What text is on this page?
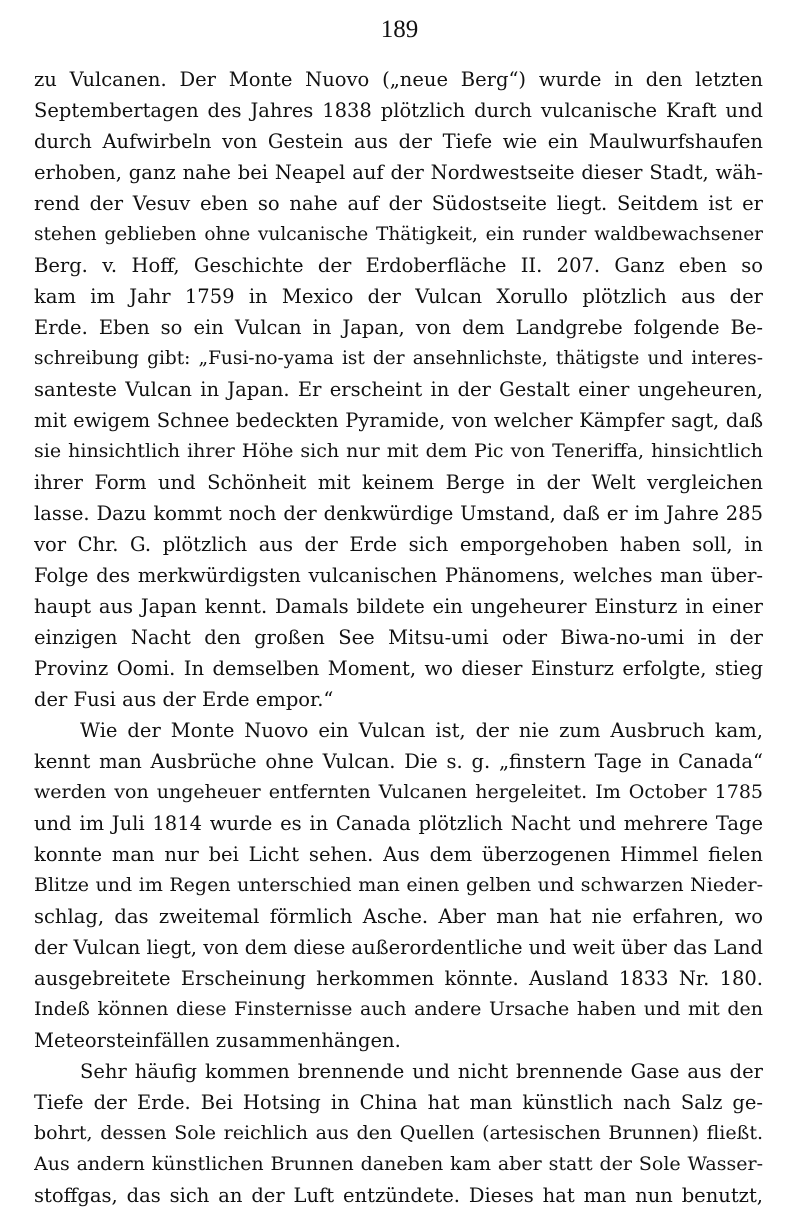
189
zu Vulcanen. Der Monte Nuovo („neue Berg“) wurde in den letzten
Septembertagen des Jahres 1838 plötzlich durch vulcanische Kraft und
durch Aufwirbeln von Gestein aus der Tiefe wie ein Maulwurfshaufen
erhoben, ganz nahe bei Neapel auf der Nordwestseite dieser Stadt, wäh-
rend der Vesuv eben so nahe auf der Südostseite liegt. Seitdem ist er
stehen geblieben ohne vulcanische Thätigkeit, ein runder waldbewachsener
Berg. v. Hoff, Geschichte der Erdoberfläche II. 207. Ganz eben so
kam im Jahr 1759 in Mexico der Vulcan Xorullo plötzlich aus der
Erde. Eben so ein Vulcan in Japan, von dem Landgrebe folgende Be-
schreibung gibt: „Fusi-no-yama ist der ansehnlichste, thätigste und interes-
santeste Vulcan in Japan. Er erscheint in der Gestalt einer ungeheuren,
mit ewigem Schnee bedeckten Pyramide, von welcher Kämpfer sagt, daß
sie hinsichtlich ihrer Höhe sich nur mit dem Pic von Teneriffa, hinsichtlich
ihrer Form und Schönheit mit keinem Berge in der Welt vergleichen
lasse. Dazu kommt noch der denkwürdige Umstand, daß er im Jahre 285
vor Chr. G. plötzlich aus der Erde sich emporgehoben haben soll, in
Folge des merkwürdigsten vulcanischen Phänomens, welches man über-
haupt aus Japan kennt. Damals bildete ein ungeheurer Einsturz in einer
einzigen Nacht den großen See Mitsu-umi oder Biwa-no-umi in der
Provinz Oomi. In demselben Moment, wo dieser Einsturz erfolgte, stieg
der Fusi aus der Erde empor.“
Wie der Monte Nuovo ein Vulcan ist, der nie zum Ausbruch kam,
kennt man Ausbrüche ohne Vulcan. Die s. g. „finstern Tage in Canada“
werden von ungeheuer entfernten Vulcanen hergeleitet. Im October 1785
und im Juli 1814 wurde es in Canada plötzlich Nacht und mehrere Tage
konnte man nur bei Licht sehen. Aus dem überzogenen Himmel fielen
Blitze und im Regen unterschied man einen gelben und schwarzen Nieder-
schlag, das zweitemal förmlich Asche. Aber man hat nie erfahren, wo
der Vulcan liegt, von dem diese außerordentliche und weit über das Land
ausgebreitete Erscheinung herkommen könnte. Ausland 1833 Nr. 180.
Indeß können diese Finsternisse auch andere Ursache haben und mit den
Meteorsteinfällen zusammenhängen.
Sehr häufig kommen brennende und nicht brennende Gase aus der
Tiefe der Erde. Bei Hotsing in China hat man künstlich nach Salz ge-
bohrt, dessen Sole reichlich aus den Quellen (artesischen Brunnen) fließt.
Aus andern künstlichen Brunnen daneben kam aber statt der Sole Wasser-
stoffgas, das sich an der Luft entzündete. Dieses hat man nun benutzt,
